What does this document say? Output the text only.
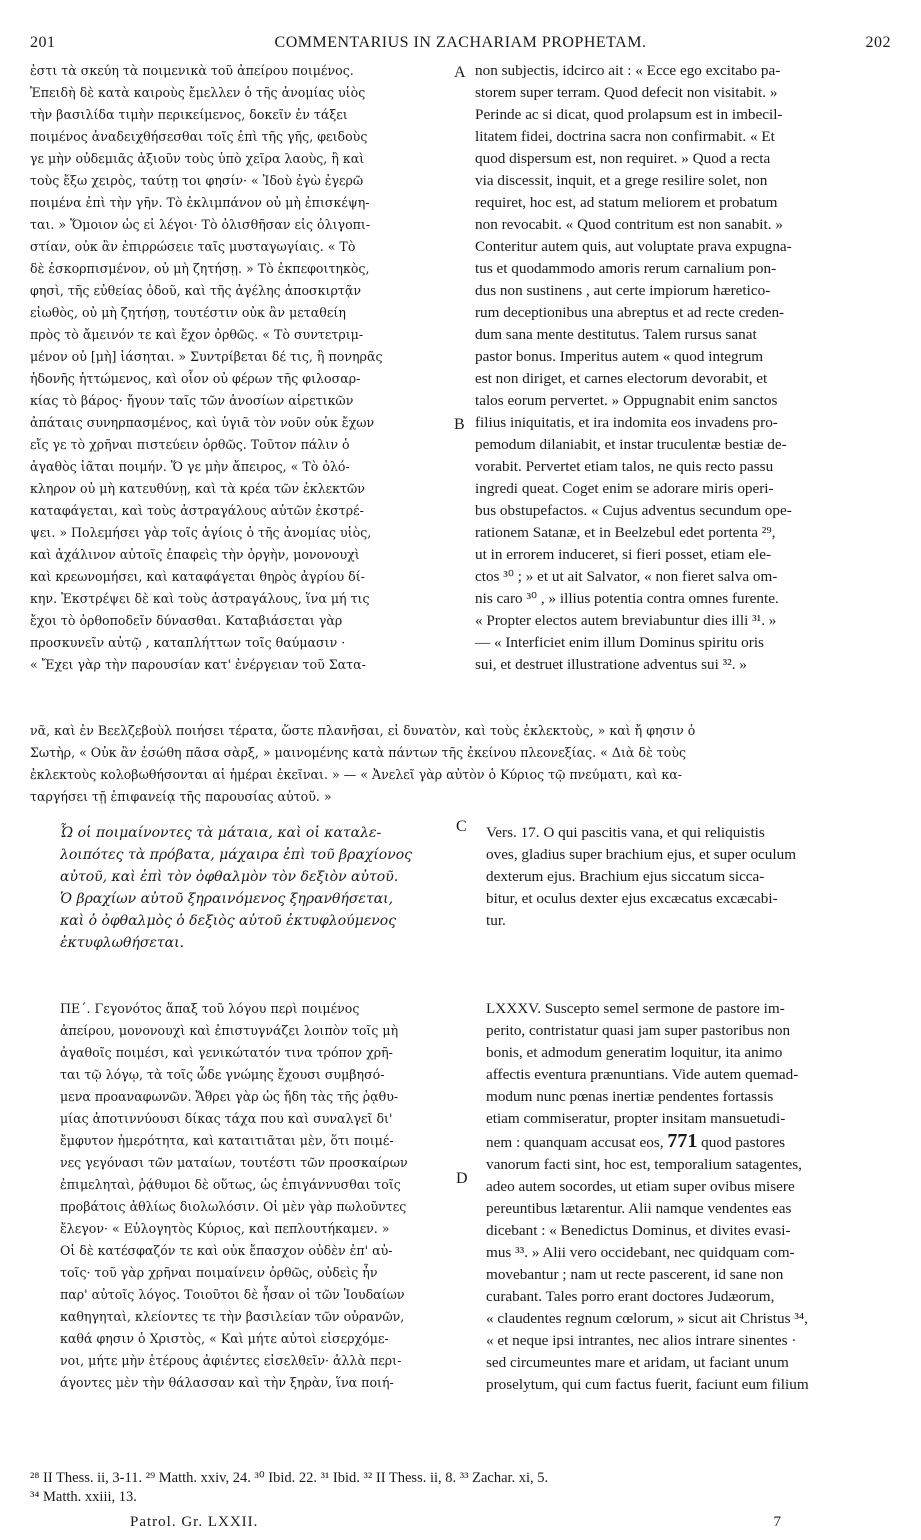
201	COMMENTARIUS IN ZACHARIAM PROPHETAM.	202
ἐστι τὰ σκεύη τὰ ποιμενικὰ τοῦ ἀπείρου ποιμένος.
Ἐπειδὴ δὲ κατὰ καιροὺς ἔμελλεν ὁ τῆς ἀνομίας υἱὸς
τὴν βασιλίδα τιμὴν περικείμενος, δοκεῖν ἐν τάξει
ποιμένος ἀναδειχθήσεσθαι τοῖς ἐπὶ τῆς γῆς, φειδοὺς
γε μὴν οὐδεμιᾶς ἀξιοῦν τοὺς ὑπὸ χεῖρα λαοὺς, ἢ καὶ
τοὺς ἔξω χειρὸς, ταύτῃ τοι φησίν· « Ἰδοὺ ἐγὼ ἐγερῶ
ποιμένα ἐπὶ τὴν γῆν. Τὸ ἐκλιμπάνον οὐ μὴ ἐπισκέψη-
ται. » Ὅμοιον ὡς εἰ λέγοι· Τὸ ὀλισθῆσαν εἰς ὀλιγοπι-
στίαν, οὐκ ἂν ἐπιρρώσειε ταῖς μυσταγωγίαις. « Τὸ
δὲ ἐσκορπισμένον, οὐ μὴ ζητήσῃ. » Τὸ ἐκπεφοιτηκὸς,
φησὶ, τῆς εὐθείας ὁδοῦ, καὶ τῆς ἀγέλης ἀποσκιρτᾷν
εἰωθὸς, οὐ μὴ ζητήσῃ, τουτέστιν οὐκ ἂν μεταθείη
πρὸς τὸ ἄμεινόν τε καὶ ἔχον ὀρθῶς. « Τὸ συντετριμ-
μένον οὐ [μὴ] ἰάσηται. » Συντρίβεται δέ τις, ἢ πονηρᾶς
ἡδονῆς ἡττώμενος, καὶ οἷον οὐ φέρων τῆς φιλοσαρ-
κίας τὸ βάρος· ἤγουν ταῖς τῶν ἀνοσίων αἱρετικῶν
ἀπάταις συνηρπασμένος, καὶ ὑγιᾶ τὸν νοῦν οὐκ ἔχων
εἴς γε τὸ χρῆναι πιστεύειν ὀρθῶς. Τοῦτον πάλιν ὁ
ἀγαθὸς ἰᾶται ποιμήν. Ὅ γε μὴν ἄπειρος, « Τὸ ὁλό-
κληρον οὐ μὴ κατευθύνῃ, καὶ τὰ κρέα τῶν ἐκλεκτῶν
καταφάγεται, καὶ τοὺς ἀστραγάλους αὐτῶν ἐκστρέ-
ψει. » Πολεμήσει γὰρ τοῖς ἁγίοις ὁ τῆς ἀνομίας υἱὸς,
καὶ ἀχάλινον αὐτοῖς ἐπαφεὶς τὴν ὀργὴν, μονονουχὶ
καὶ κρεωνομήσει, καὶ καταφάγεται θηρὸς ἀγρίου δί-
κην. Ἐκστρέψει δὲ καὶ τοὺς ἀστραγάλους, ἵνα μή τις
ἔχοι τὸ ὀρθοποδεῖν δύνασθαι. Καταβιάσεται γὰρ
προσκυνεῖν αὐτῷ , καταπλήττων τοῖς θαύμασιν ·
« Ἔχει γὰρ τὴν παρουσίαν κατ' ἐνέργειαν τοῦ Σατα-
A
B
non subjectis, idcirco ait : « Ecce ego excitabo pa-
storem super terram. Quod defecit non visitabit. »
Perinde ac si dicat, quod prolapsum est in imbecil-
litatem fidei, doctrina sacra non confirmabit. « Et
quod dispersum est, non requiret. » Quod a recta
via discessit, inquit, et a grege resilire solet, non
requiret, hoc est, ad statum meliorem et probatum
non revocabit. « Quod contritum est non sanabit. »
Conteritur autem quis, aut voluptate prava expugna-
tus et quodammodo amoris rerum carnalium pon-
dus non sustinens , aut certe impiorum hæretico-
rum deceptionibus una abreptus et ad recte creden-
dum sana mente destitutus. Talem rursus sanat
pastor bonus. Imperitus autem « quod integrum
est non diriget, et carnes electorum devorabit, et
talos eorum pervertet. » Oppugnabit enim sanctos
filius iniquitatis, et ira indomita eos invadens pro-
pemodum dilaniabit, et instar truculentæ bestiæ de-
vorabit. Pervertet etiam talos, ne quis recto passu
ingredi queat. Coget enim se adorare miris operi-
bus obstupefactos. « Cujus adventus secundum ope-
rationem Satanæ, et in Beelzebul edet portenta ²⁹,
ut in errorem induceret, si fieri posset, etiam ele-
ctos ³⁰ ; » et ut ait Salvator, « non fieret salva om-
nis caro ³⁰ , » illius potentia contra omnes furente.
« Propter electos autem breviabuntur dies illi ³¹. »
— « Interficiet enim illum Dominus spiritu oris
sui, et destruet illustratione adventus sui ³². »
νᾶ, καὶ ἐν Βεελζεβοὺλ ποιήσει τέρατα, ὥστε πλανῆσαι, εἰ δυνατὸν, καὶ τοὺς ἐκλεκτοὺς, » καὶ ἤ φησιν ὁ
Σωτὴρ, « Οὐκ ἂν ἐσώθη πᾶσα σὰρξ, » μαινομένης κατὰ πάντων τῆς ἐκείνου πλεονεξίας. « Διὰ δὲ τοὺς
ἐκλεκτοὺς κολοβωθήσονται αἱ ἡμέραι ἐκεῖναι. » — « Ἀνελεῖ γὰρ αὐτὸν ὁ Κύριος τῷ πνεύματι, καὶ κα-
ταργήσει τῇ ἐπιφανείᾳ τῆς παρουσίας αὐτοῦ. »
Ὦ οἱ ποιμαίνοντες τὰ μάταια, καὶ οἱ καταλε-
λοιπότες τὰ πρόβατα, μάχαιρα ἐπὶ τοῦ βραχίονος
αὐτοῦ, καὶ ἐπὶ τὸν ὀφθαλμὸν τὸν δεξιὸν αὐτοῦ.
Ὁ βραχίων αὐτοῦ ξηραινόμενος ξηρανθήσεται,
καὶ ὁ ὀφθαλμὸς ὁ δεξιὸς αὐτοῦ ἐκτυφλούμενος
ἐκτυφλωθήσεται.
C Vers. 17. O qui pascitis vana, et qui reliquistis
oves, gladius super brachium ejus, et super oculum
dexterum ejus. Brachium ejus siccatum sicca-
bitur, et oculus dexter ejus excæcatus excæcabi-
tur.
ΠΕ΄. Γεγονότος ἅπαξ τοῦ λόγου περὶ ποιμένος
ἀπείρου, μονονουχὶ καὶ ἐπιστυγνάζει λοιπὸν τοῖς μὴ
ἀγαθοῖς ποιμέσι, καὶ γενικώτατόν τινα τρόπον χρῆ-
ται τῷ λόγῳ, τὰ τοῖς ὧδε γνώμης ἔχουσι συμβησό-
μενα προαναφωνῶν. Ἄθρει γὰρ ὡς ἤδη τὰς τῆς ῥᾳθυ-
μίας ἀποτιννύουσι δίκας τάχα που καὶ συναλγεῖ δι'
ἔμφυτον ἡμερότητα, καὶ καταιτιᾶται μὲν, ὅτι ποιμέ-
νες γεγόνασι τῶν ματαίων, τουτέστι τῶν προσκαίρων
ἐπιμεληταὶ, ῥᾴθυμοι δὲ οὕτως, ὡς ἐπιγάννυσθαι τοῖς
προβάτοις ἀθλίως διολωλόσιν. Οἱ μὲν γὰρ πωλοῦντες
ἔλεγον· « Εὐλογητὸς Κύριος, καὶ πεπλουτήκαμεν. »
Οἱ δὲ κατέσφαζόν τε καὶ οὐκ ἔπασχον οὐδὲν ἐπ' αὐ-
τοῖς· τοῦ γὰρ χρῆναι ποιμαίνειν ὀρθῶς, οὐδεὶς ἦν
παρ' αὐτοῖς λόγος. Τοιοῦτοι δὲ ἦσαν οἱ τῶν Ἰουδαίων
καθηγηταὶ, κλείοντες τε τὴν βασιλείαν τῶν οὐρανῶν,
καθά φησιν ὁ Χριστὸς, « Καὶ μήτε αὐτοὶ εἰσερχόμε-
νοι, μήτε μὴν ἑτέρους ἀφιέντες εἰσελθεῖν· ἀλλὰ περι-
άγοντες μὲν τὴν θάλασσαν καὶ τὴν ξηρὰν, ἵνα ποιή-
D
LXXXV. Suscepto semel sermone de pastore im-
perito, contristatur quasi jam super pastoribus non
bonis, et admodum generatim loquitur, ita animo
affectis eventura prænuntians. Vide autem quemad-
modum nunc pœnas inertiæ pendentes fortassis
etiam commiseratur, propter insitam mansuetudi-
nem : quanquam accusat eos, 771 quod pastores
vanorum facti sint, hoc est, temporalium satagentes,
adeo autem socordes, ut etiam super ovibus misere
pereuntibus lætarentur. Alii namque vendentes eas
dicebant : « Benedictus Dominus, et divites evasi-
mus ³³. » Alii vero occidebant, nec quidquam com-
movebantur ; nam ut recte pascerent, id sane non
curabant. Tales porro erant doctores Judæorum,
« claudentes regnum cœlorum, » sicut ait Christus ³⁴,
« et neque ipsi intrantes, nec alios intrare sinentes ·
sed circumeuntes mare et aridam, ut faciant unum
proselytum, qui cum factus fuerit, faciunt eum filium
²⁸ II Thess. ii, 3-11. ²⁹ Matth. xxiv, 24. ³⁰ Ibid. 22. ³¹ Ibid. ³² II Thess. ii, 8. ³³ Zachar. xi, 5.
³⁴ Matth. xxiii, 13.
Patrol. Gr. LXXII.	7
